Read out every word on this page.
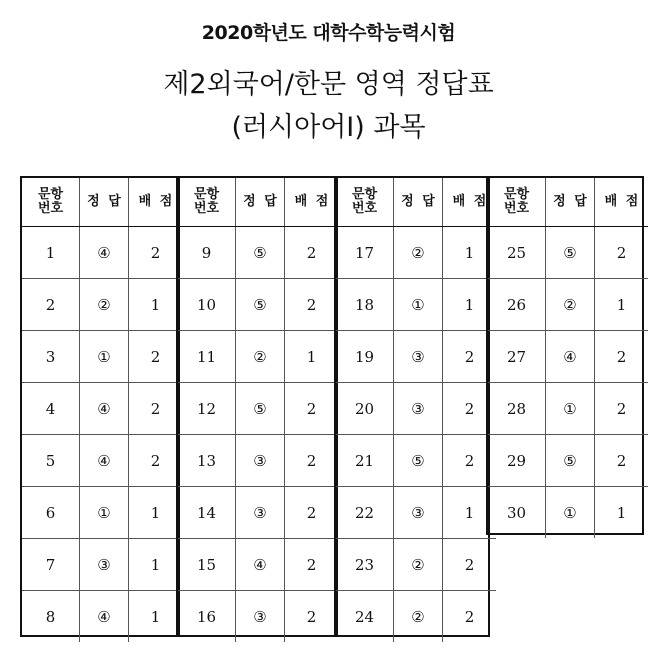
2020학년도 대학수학능력시험
제2외국어/한문 영역 정답표
(러시아어Ⅰ) 과목
문항
번호	정 답	배 점
1	④	2
2	②	1
3	①	2
4	④	2
5	④	2
6	①	1
7	③	1
8	④	1
문항
번호	정 답	배 점
9	⑤	2
10	⑤	2
11	②	1
12	⑤	2
13	③	2
14	③	2
15	④	2
16	③	2
문항
번호	정 답	배 점
17	②	1
18	①	1
19	③	2
20	③	2
21	⑤	2
22	③	1
23	②	2
24	②	2
문항
번호	정 답	배 점
25	⑤	2
26	②	1
27	④	2
28	①	2
29	⑤	2
30	①	1
